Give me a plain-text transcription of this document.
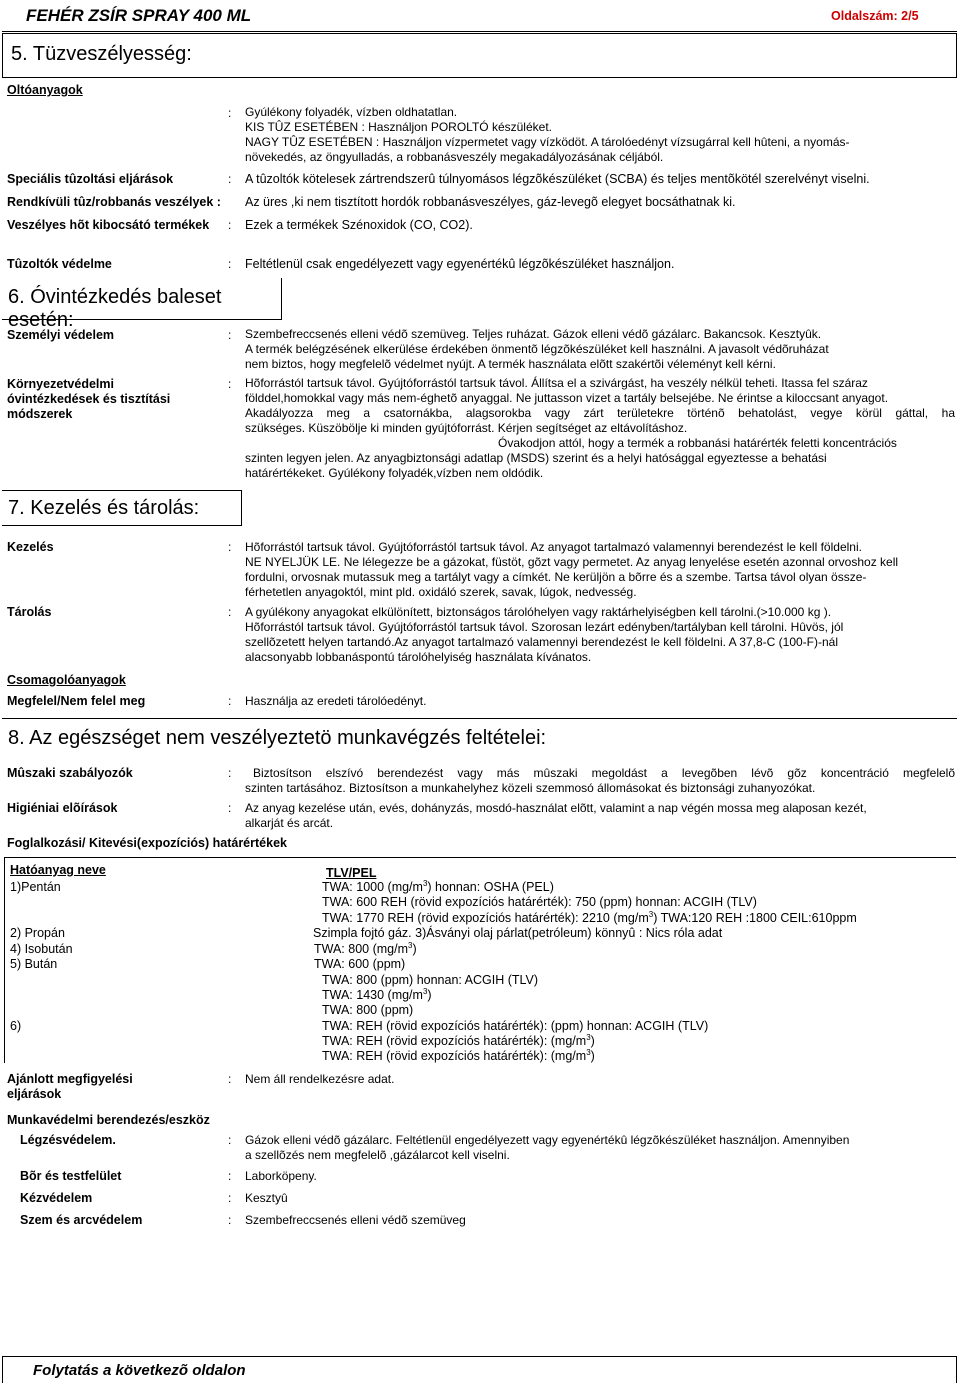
FEHÉR ZSÍR SPRAY 400 ML	Oldalszám: 2/5
5. Tüzveszélyesség:
Oltóanyagok
: Gyúlékony folyadék, vízben oldhatatlan.
KIS TÛZ ESETÉBEN : Használjon POROLTÓ készüléket.
NAGY TÛZ ESETÉBEN : Használjon vízpermetet vagy vízködöt. A tárolóedényt vízsugárral kell hûteni, a nyomás-
növekedés, az öngyulladás, a robbanásveszély megakadályozásának céljából.
Speciális tûzoltási eljárások	: A tûzoltók kötelesek zártrendszerû túlnyomásos légzõkészüléket (SCBA) és teljes mentõkötél szerelvényt viselni.
Rendkívüli tûz/robbanás veszélyek : Az üres ,ki nem tisztított hordók robbanásveszélyes, gáz-levegõ elegyet bocsáthatnak ki.
Veszélyes hõt kibocsátó termékek : Ezek a termékek Szénoxidok (CO, CO2).
Tûzoltók védelme	: Feltétlenül csak engedélyezett vagy egyenértékû légzõkészüléket használjon.
6. Óvintézkedés baleset esetén:
Személyi védelem	: Szembefreccsenés elleni védõ szemüveg. Teljes ruházat. Gázok elleni védõ gázálarc. Bakancsok. Kesztyûk.
A termék belégzésének elkerülése érdekében önmentõ légzõkészüléket kell használni. A javasolt védõruházat
nem biztos, hogy megfelelõ védelmet nyújt. A termék használata elõtt szakértõi véleményt kell kérni.
Környezetvédelmi
óvintézkedések és tisztítási
módszerek
: Hõforrástól tartsuk távol. Gyújtóforrástól tartsuk távol. Állítsa el a szivárgást, ha veszély nélkül teheti. Itassa fel száraz
földdel,homokkal vagy más nem-éghetõ anyaggal. Ne juttasson vizet a tartály belsejébe. Ne érintse a kiloccsant anyagot.
Akadályozza meg a csatornákba, alagsorokba vagy zárt területekre történõ behatolást, vegye körül gáttal, ha
szükséges. Küszöbölje ki minden gyújtóforrást. Kérjen segítséget az eltávolításhoz.
Óvakodjon attól, hogy a termék a robbanási határérték feletti koncentrációs
szinten legyen jelen. Az anyagbiztonsági adatlap (MSDS) szerint és a helyi hatósággal egyeztesse a behatási
határértékeket. Gyúlékony folyadék,vízben nem oldódik.
7. Kezelés és tárolás:
Kezelés	: Hõforrástól tartsuk távol. Gyújtóforrástól tartsuk távol. Az anyagot tartalmazó valamennyi berendezést le kell földelni.
NE NYELJÜK LE. Ne lélegezze be a gázokat, füstöt, gõzt vagy permetet. Az anyag lenyelése esetén azonnal orvoshoz kell
fordulni, orvosnak mutassuk meg a tartályt vagy a címkét. Ne kerüljön a bõrre és a szembe. Tartsa távol olyan össze-
férhetetlen anyagoktól, mint pld. oxidáló szerek, savak, lúgok, nedvesség.
Tárolás	: A gyúlékony anyagokat elkülönített, biztonságos tárolóhelyen vagy raktárhelyiségben kell tárolni.(>10.000 kg ).
Hõforrástól tartsuk távol. Gyújtóforrástól tartsuk távol. Szorosan lezárt edényben/tartályban kell tárolni. Hûvös, jól
szellõzetett helyen tartandó.Az anyagot tartalmazó valamennyi berendezést le kell földelni. A 37,8-C (100-F)-nál
alacsonyabb lobbanáspontú tárolóhelyiség használata kívánatos.
Csomagolóanyagok
Megfelel/Nem felel meg	: Használja az eredeti tárolóedényt.
8. Az egészséget nem veszélyeztetö munkavégzés feltételei:
Mûszaki szabályozók	:	Biztosítson elszívó berendezést vagy más mûszaki megoldást a levegõben lévõ gõz koncentráció megfelelõ
szinten tartásához. Biztosítson a munkahelyhez közeli szemmosó állomásokat és biztonsági zuhanyozókat.
Higiéniai elõírások	: Az anyag kezelése után, evés, dohányzás, mosdó-használat elõtt, valamint a nap végén mossa meg alaposan kezét,
alkarját és arcát.
Foglalkozási/ Kitevési(expozíciós) határértékek
Hatóanyag neve	TLV/PEL
1)Pentán	TWA: 1000 $(mg/m^3)$ honnan: OSHA (PEL)
TWA: 600 REH (rövid expozíciós határérték): 750 (ppm) honnan: ACGIH (TLV)
TWA: 1770 REH (rövid expozíciós határérték): 2210 $(mg/m^3)$ TWA:120 REH :1800 CEIL:610ppm
2) Propán	Szimpla fojtó gáz. 3)Ásványi olaj párlat(petróleum) könnyû : Nics róla adat
4) Isobután	TWA: 800 $(mg/m^3)$
5) Bután	TWA: 600 (ppm)
TWA: 800 (ppm) honnan: ACGIH (TLV)
TWA: 1430 $(mg/m^3)$
TWA: 800 (ppm)
6)	TWA: REH (rövid expozíciós határérték): (ppm) honnan: ACGIH (TLV)
TWA: REH (rövid expozíciós határérték): $(mg/m^3)$
TWA: REH (rövid expozíciós határérték): $(mg/m^3)$
Ajánlott megfigyelési
eljárások
: Nem áll rendelkezésre adat.
Munkavédelmi berendezés/eszköz
Légzésvédelem.	: Gázok elleni védõ gázálarc. Feltétlenül engedélyezett vagy egyenértékû légzõkészüléket használjon. Amennyiben
a szellõzés nem megfelelõ ,gázálarcot kell viselni.
Bõr és testfelület	: Laborköpeny.
Kézvédelem	: Kesztyû
Szem és arcvédelem	: Szembefreccsenés elleni védõ szemüveg
Folytatás a következõ oldalon
